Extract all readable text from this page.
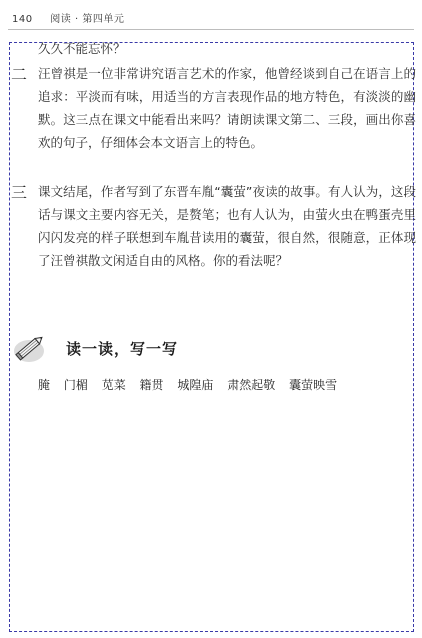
140 阅读 · 第四单元
久久不能忘怀？
二 汪曾祺是一位非常讲究语言艺术的作家，他曾经谈到自己在语言上的追求：平淡而有味，用适当的方言表现作品的地方特色，有淡淡的幽默。这三点在课文中能看出来吗？请朗读课文第二、三段，画出你喜欢的句子，仔细体会本文语言上的特色。
三 课文结尾，作者写到了东晋车胤“囊萤”夜读的故事。有人认为，这段话与课文主要内容无关，是赘笔；也有人认为，由萤火虫在鸭蛋壳里闪闪发亮的样子联想到车胤昔读用的囊萤，很自然，很随意，正体现了汪曾祺散文闲适自由的风格。你的看法呢？
读一读，写一写
腌 门楣 苋菜 籍贯 城隍庙 肃然起敬 囊萤映雪
